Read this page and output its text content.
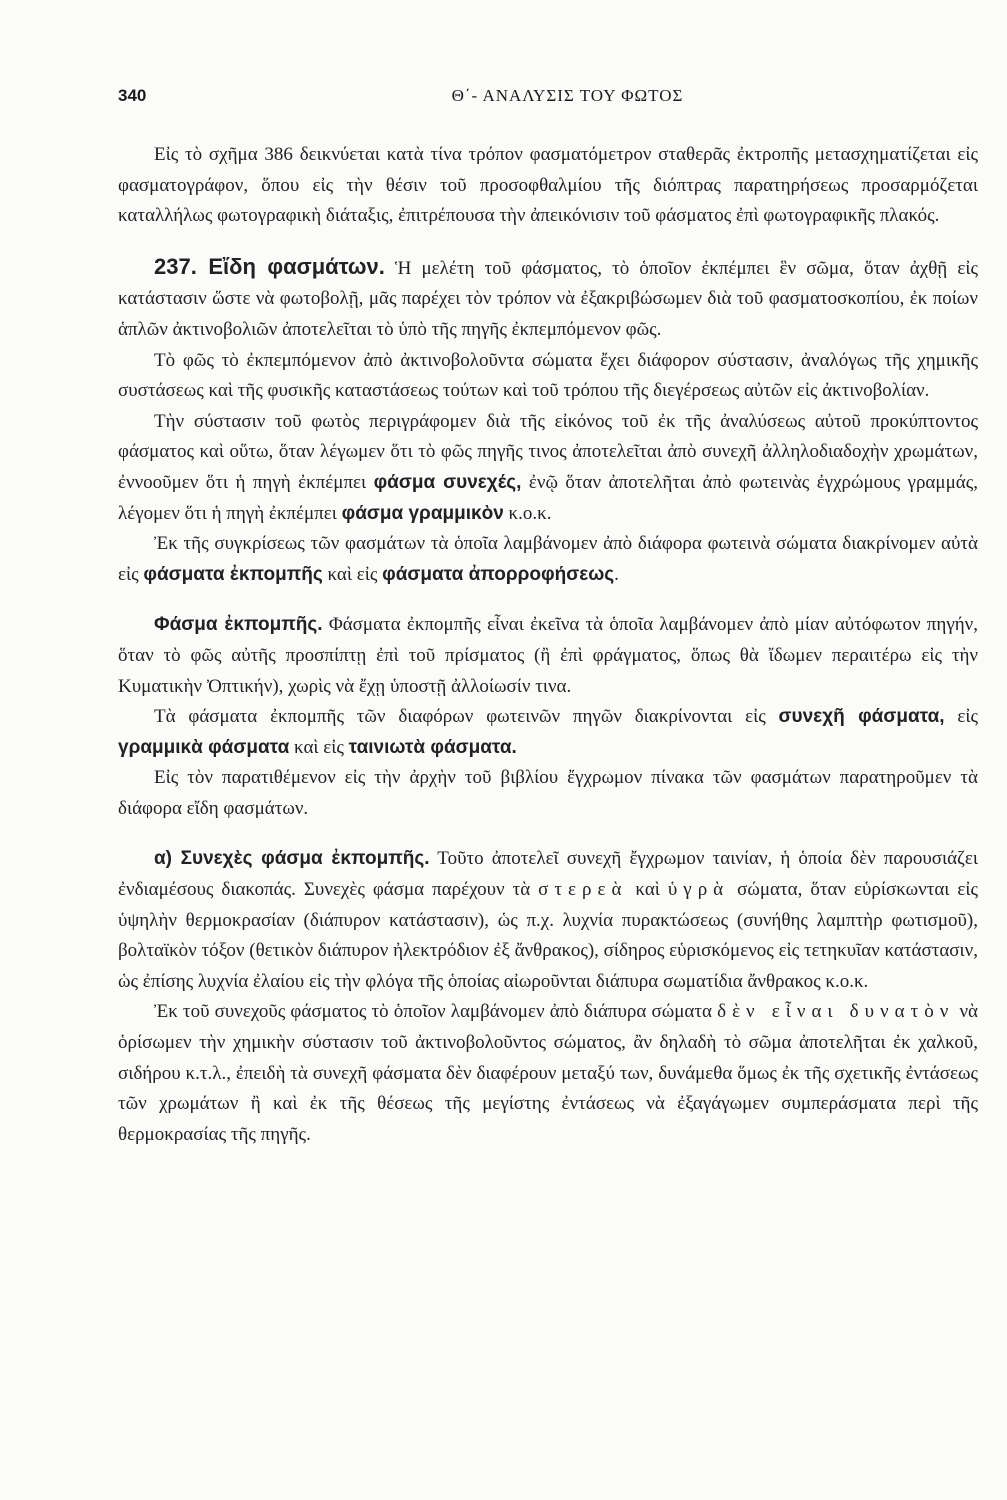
340	Θ΄- ΑΝΑΛΥΣΙΣ ΤΟΥ ΦΩΤΟΣ

Εἰς τὸ σχῆμα 386 δεικνύεται κατὰ τίνα τρόπον φασματόμετρον σταθερᾶς ἐκτροπῆς μετασχηματίζεται εἰς φασματογράφον, ὅπου εἰς τὴν θέσιν τοῦ προσοφθαλμίου τῆς διόπτρας παρατηρήσεως προσαρμόζεται καταλλήλως φωτογραφικὴ διάταξις, ἐπιτρέπουσα τὴν ἀπεικόνισιν τοῦ φάσματος ἐπὶ φωτογραφικῆς πλακός.

237. Εἴδη φασμάτων. Ἡ μελέτη τοῦ φάσματος, τὸ ὁποῖον ἐκπέμπει ἓν σῶμα, ὅταν ἀχθῇ εἰς κατάστασιν ὥστε νὰ φωτοβολῇ, μᾶς παρέχει τὸν τρόπον νὰ ἐξακριβώσωμεν διὰ τοῦ φασματοσκοπίου, ἐκ ποίων ἁπλῶν ἀκτινοβολιῶν ἀποτελεῖται τὸ ὑπὸ τῆς πηγῆς ἐκπεμπόμενον φῶς.

Τὸ φῶς τὸ ἐκπεμπόμενον ἀπὸ ἀκτινοβολοῦντα σώματα ἔχει διάφορον σύστασιν, ἀναλόγως τῆς χημικῆς συστάσεως καὶ τῆς φυσικῆς καταστάσεως τούτων καὶ τοῦ τρόπου τῆς διεγέρσεως αὐτῶν εἰς ἀκτινοβολίαν.

Τὴν σύστασιν τοῦ φωτὸς περιγράφομεν διὰ τῆς εἰκόνος τοῦ ἐκ τῆς ἀναλύσεως αὐτοῦ προκύπτοντος φάσματος καὶ οὕτω, ὅταν λέγωμεν ὅτι τὸ φῶς πηγῆς τινος ἀποτελεῖται ἀπὸ συνεχῆ ἀλληλοδιαδοχὴν χρωμάτων, ἐννοοῦμεν ὅτι ἡ πηγὴ ἐκπέμπει φάσμα συνεχές, ἐνῷ ὅταν ἀποτελῆται ἀπὸ φωτεινὰς ἐγχρώμους γραμμάς, λέγομεν ὅτι ἡ πηγὴ ἐκπέμπει φάσμα γραμμικὸν κ.ο.κ.

Ἐκ τῆς συγκρίσεως τῶν φασμάτων τὰ ὁποῖα λαμβάνομεν ἀπὸ διάφορα φωτεινὰ σώματα διακρίνομεν αὐτὰ εἰς φάσματα ἐκπομπῆς καὶ εἰς φάσματα ἀπορροφήσεως.

Φάσμα ἐκπομπῆς. Φάσματα ἐκπομπῆς εἶναι ἐκεῖνα τὰ ὁποῖα λαμβάνομεν ἀπὸ μίαν αὐτόφωτον πηγήν, ὅταν τὸ φῶς αὐτῆς προσπίπτῃ ἐπὶ τοῦ πρίσματος (ἢ ἐπὶ φράγματος, ὅπως θὰ ἴδωμεν περαιτέρω εἰς τὴν Κυματικὴν Ὀπτικήν), χωρὶς νὰ ἔχῃ ὑποστῇ ἀλλοίωσίν τινα.

Τὰ φάσματα ἐκπομπῆς τῶν διαφόρων φωτεινῶν πηγῶν διακρίνονται εἰς συνεχῆ φάσματα, εἰς γραμμικὰ φάσματα καὶ εἰς ταινιωτὰ φάσματα.

Εἰς τὸν παρατιθέμενον εἰς τὴν ἀρχὴν τοῦ βιβλίου ἔγχρωμον πίνακα τῶν φασμάτων παρατηροῦμεν τὰ διάφορα εἴδη φασμάτων.

α) Συνεχὲς φάσμα ἐκπομπῆς. Τοῦτο ἀποτελεῖ συνεχῆ ἔγχρωμον ταινίαν, ἡ ὁποία δὲν παρουσιάζει ἐνδιαμέσους διακοπάς. Συνεχὲς φάσμα παρέχουν τὰ στερεὰ καὶ ὑγρὰ σώματα, ὅταν εὑρίσκωνται εἰς ὑψηλὴν θερμοκρασίαν (διάπυρον κατάστασιν), ὡς π.χ. λυχνία πυρακτώσεως (συνήθης λαμπτὴρ φωτισμοῦ), βολταϊκὸν τόξον (θετικὸν διάπυρον ἠλεκτρόδιον ἐξ ἄνθρακος), σίδηρος εὑρισκόμενος εἰς τετηκυῖαν κατάστασιν, ὡς ἐπίσης λυχνία ἐλαίου εἰς τὴν φλόγα τῆς ὁποίας αἰωροῦνται διάπυρα σωματίδια ἄνθρακος κ.ο.κ.

Ἐκ τοῦ συνεχοῦς φάσματος τὸ ὁποῖον λαμβάνομεν ἀπὸ διάπυρα σώματα δὲν εἶναι δυνατὸν νὰ ὁρίσωμεν τὴν χημικὴν σύστασιν τοῦ ἀκτινοβολοῦντος σώματος, ἂν δηλαδὴ τὸ σῶμα ἀποτελῆται ἐκ χαλκοῦ, σιδήρου κ.τ.λ., ἐπειδὴ τὰ συνεχῆ φάσματα δὲν διαφέρουν μεταξύ των, δυνάμεθα ὅμως ἐκ τῆς σχετικῆς ἐντάσεως τῶν χρωμάτων ἢ καὶ ἐκ τῆς θέσεως τῆς μεγίστης ἐντάσεως νὰ ἐξαγάγωμεν συμπεράσματα περὶ τῆς θερμοκρασίας τῆς πηγῆς.
